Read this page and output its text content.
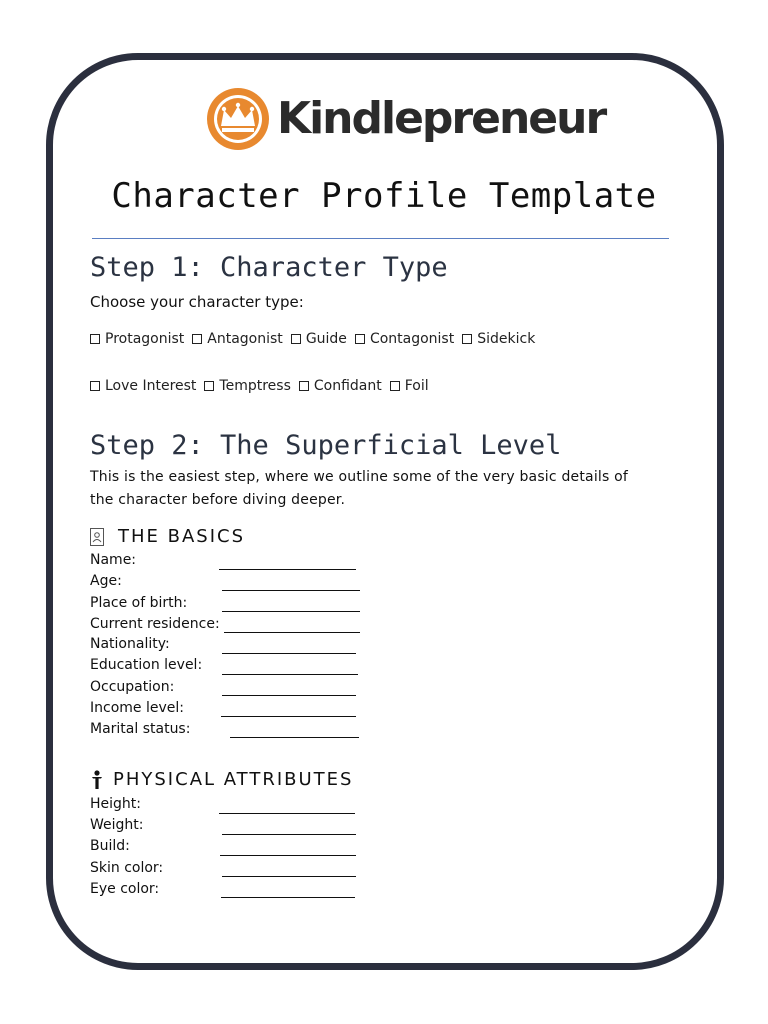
Kindlepreneur
Character Profile Template
Step 1: Character Type
Choose your character type:
Protagonist Antagonist Guide Contagonist Sidekick
Love Interest Temptress Confidant Foil
Step 2: The Superficial Level
This is the easiest step, where we outline some of the very basic details of the character before diving deeper.
THE BASICS
Name:
Age:
Place of birth:
Current residence:
Nationality:
Education level:
Occupation:
Income level:
Marital status:
PHYSICAL ATTRIBUTES
Height:
Weight:
Build:
Skin color:
Eye color:
